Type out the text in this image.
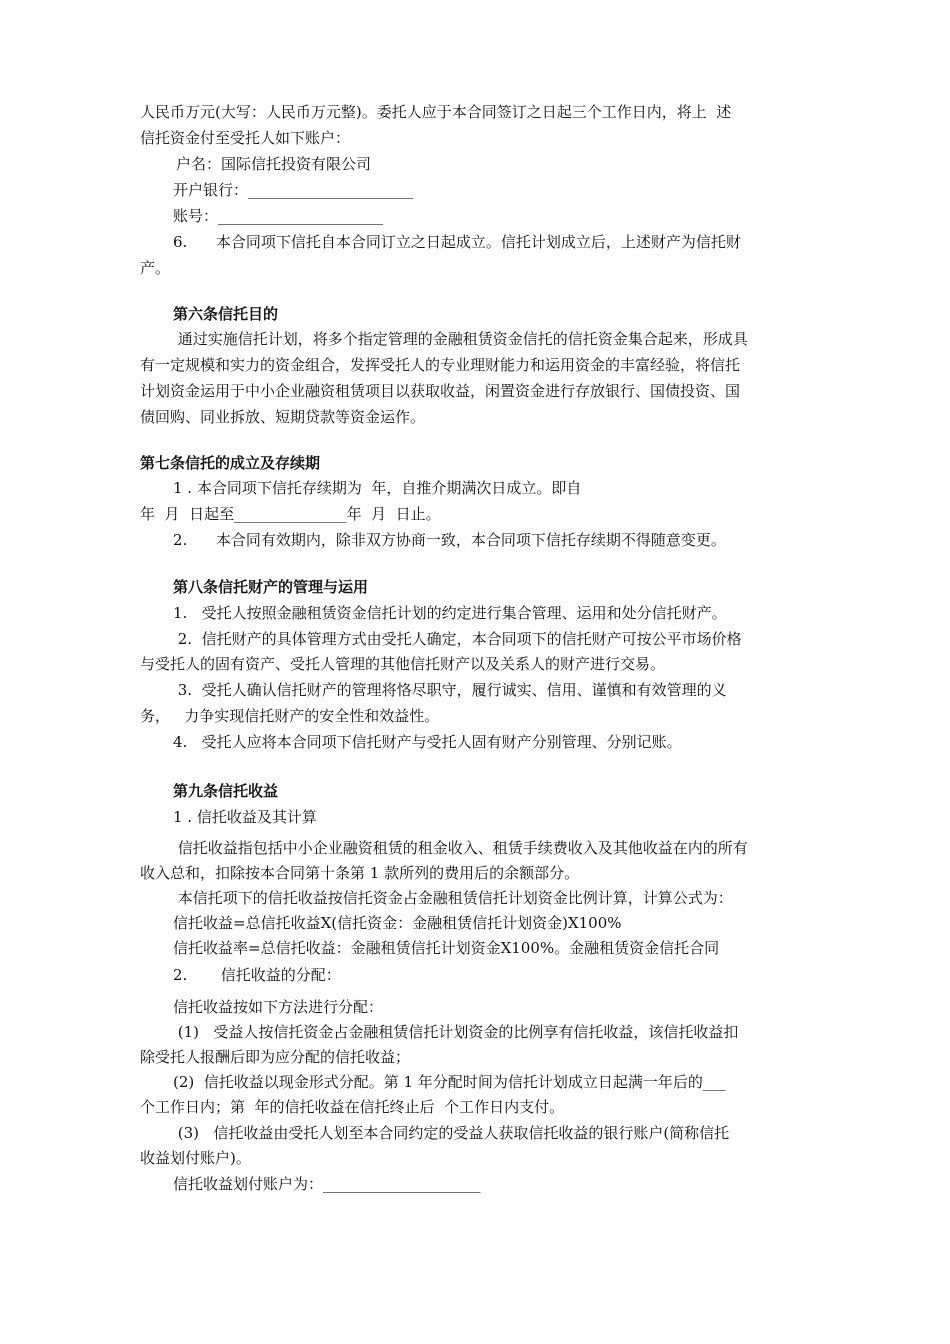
人民币万元(大写：人民币万元整)。委托人应于本合同签订之日起三个工作日内，将上  述
信托资金付至受托人如下账户：
户名：国际信托投资有限公司
开户银行：______________________
账号：______________________
6.      本合同项下信托自本合同订立之日起成立。信托计划成立后，上述财产为信托财
产。
第六条信托目的
通过实施信托计划，将多个指定管理的金融租赁资金信托的信托资金集合起来，形成具
有一定规模和实力的资金组合，发挥受托人的专业理财能力和运用资金的丰富经验，将信托
计划资金运用于中小企业融资租赁项目以获取收益，闲置资金进行存放银行、国债投资、国
债回购、同业拆放、短期贷款等资金运作。
第七条信托的成立及存续期
1 . 本合同项下信托存续期为  年，自推介期满次日成立。即自
年  月  日起至_______________年  月  日止。
2.      本合同有效期内，除非双方协商一致，本合同项下信托存续期不得随意变更。
第八条信托财产的管理与运用
1.   受托人按照金融租赁资金信托计划的约定进行集合管理、运用和处分信托财产。
2.  信托财产的具体管理方式由受托人确定，本合同项下的信托财产可按公平市场价格
与受托人的固有资产、受托人管理的其他信托财产以及关系人的财产进行交易。
3.  受托人确认信托财产的管理将恪尽职守，履行诚实、信用、谨慎和有效管理的义
务，   力争实现信托财产的安全性和效益性。
4.   受托人应将本合同项下信托财产与受托人固有财产分别管理、分别记账。
第九条信托收益
1 . 信托收益及其计算
信托收益指包括中小企业融资租赁的租金收入、租赁手续费收入及其他收益在内的所有
收入总和，扣除按本合同第十条第 1 款所列的费用后的余额部分。
本信托项下的信托收益按信托资金占金融租赁信托计划资金比例计算，计算公式为：
信托收益=总信托收益Ⅹ(信托资金：金融租赁信托计划资金)Ⅹ100%
信托收益率=总信托收益：金融租赁信托计划资金Ⅹ100%。金融租赁资金信托合同
2.       信托收益的分配：
信托收益按如下方法进行分配：
(1)   受益人按信托资金占金融租赁信托计划资金的比例享有信托收益，该信托收益扣
除受托人报酬后即为应分配的信托收益；
(2)  信托收益以现金形式分配。第 1 年分配时间为信托计划成立日起满一年后的___
个工作日内；第  年的信托收益在信托终止后  个工作日内支付。
(3)   信托收益由受托人划至本合同约定的受益人获取信托收益的银行账户(简称信托
收益划付账户)。
信托收益划付账户为：_____________________
